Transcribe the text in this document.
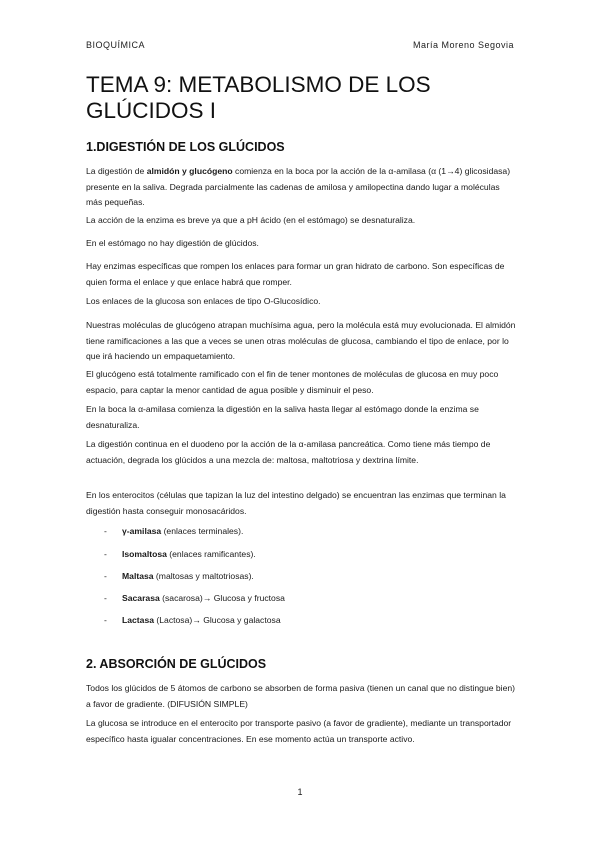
BIOQUÍMICA	María Moreno Segovia
TEMA 9: METABOLISMO DE LOS GLÚCIDOS I
1.DIGESTIÓN DE LOS GLÚCIDOS

La digestión de almidón y glucógeno comienza en la boca por la acción de la α-amilasa (α (1→4) glicosidasa) presente en la saliva. Degrada parcialmente las cadenas de amilosa y amilopectina dando lugar a moléculas más pequeñas.

La acción de la enzima es breve ya que a pH ácido (en el estómago) se desnaturaliza.

En el estómago no hay digestión de glúcidos.

Hay enzimas específicas que rompen los enlaces para formar un gran hidrato de carbono. Son específicas de quien forma el enlace y que enlace habrá que romper.

Los enlaces de la glucosa son enlaces de tipo O-Glucosídico.

Nuestras moléculas de glucógeno atrapan muchísima agua, pero la molécula está muy evolucionada. El almidón tiene ramificaciones a las que a veces se unen otras moléculas de glucosa, cambiando el tipo de enlace, por lo que irá haciendo un empaquetamiento.

El glucógeno está totalmente ramificado con el fin de tener montones de moléculas de glucosa en muy poco espacio, para captar la menor cantidad de agua posible y disminuir el peso.

En la boca la α-amilasa comienza la digestión en la saliva hasta llegar al estómago donde la enzima se desnaturaliza.

La digestión continua en el duodeno por la acción de la α-amilasa pancreática. Como tiene más tiempo de actuación, degrada los glúcidos a una mezcla de: maltosa, maltotriosa y dextrina límite.

En los enterocitos (células que tapizan la luz del intestino delgado) se encuentran las enzimas que terminan la digestión hasta conseguir monosacáridos.

- γ-amilasa (enlaces terminales).
- Isomaltosa (enlaces ramificantes).
- Maltasa (maltosas y maltotriosas).
- Sacarasa (sacarosa)→ Glucosa y fructosa
- Lactasa (Lactosa)→ Glucosa y galactosa
2. ABSORCIÓN DE GLÚCIDOS

Todos los glúcidos de 5 átomos de carbono se absorben de forma pasiva (tienen un canal que no distingue bien) a favor de gradiente. (DIFUSIÓN SIMPLE)

La glucosa se introduce en el enterocito por transporte pasivo (a favor de gradiente), mediante un transportador específico hasta igualar concentraciones. En ese momento actúa un transporte activo.

1
